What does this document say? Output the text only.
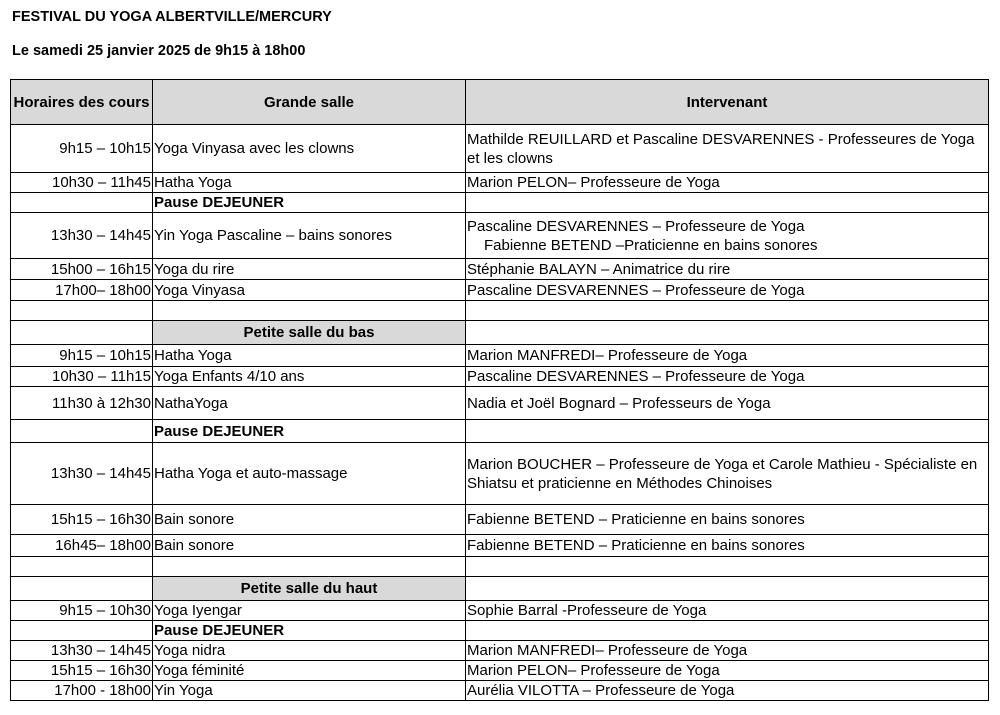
FESTIVAL DU YOGA ALBERTVILLE/MERCURY
Le samedi 25 janvier 2025 de 9h15 à 18h00
Horaires des cours	Grande salle	Intervenant
9h15 – 10h15	Yoga Vinyasa avec les clowns	Mathilde REUILLARD et Pascaline DESVARENNES - Professeures de Yoga et les clowns
10h30 – 11h45	Hatha Yoga	Marion PELON– Professeure de Yoga
	Pause DEJEUNER	
13h30 – 14h45	Yin Yoga Pascaline – bains sonores	Pascaline DESVARENNES – Professeure de Yoga
Fabienne BETEND –Praticienne en bains sonores

15h00 – 16h15	Yoga du rire	Stéphanie BALAYN – Animatrice du rire
17h00– 18h00	Yoga Vinyasa	Pascaline DESVARENNES – Professeure de Yoga

	Petite salle du bas	
9h15 – 10h15	Hatha Yoga	Marion MANFREDI– Professeure de Yoga
10h30 – 11h15	Yoga Enfants 4/10 ans	Pascaline DESVARENNES – Professeure de Yoga
11h30 à 12h30	NathaYoga	Nadia et Joël Bognard – Professeurs de Yoga
	Pause DEJEUNER	
13h30 – 14h45	Hatha Yoga et auto-massage	Marion BOUCHER – Professeure de Yoga et Carole Mathieu - Spécialiste en Shiatsu et praticienne en Méthodes Chinoises
15h15 – 16h30	Bain sonore	Fabienne BETEND – Praticienne en bains sonores
16h45– 18h00	Bain sonore	Fabienne BETEND – Praticienne en bains sonores

	Petite salle du haut	
9h15 – 10h30	Yoga Iyengar	Sophie Barral -Professeure de Yoga
	Pause DEJEUNER	
13h30 – 14h45	Yoga nidra	Marion MANFREDI– Professeure de Yoga
15h15 – 16h30	Yoga féminité	Marion PELON– Professeure de Yoga
17h00 - 18h00	Yin Yoga	Aurélia VILOTTA – Professeure de Yoga
